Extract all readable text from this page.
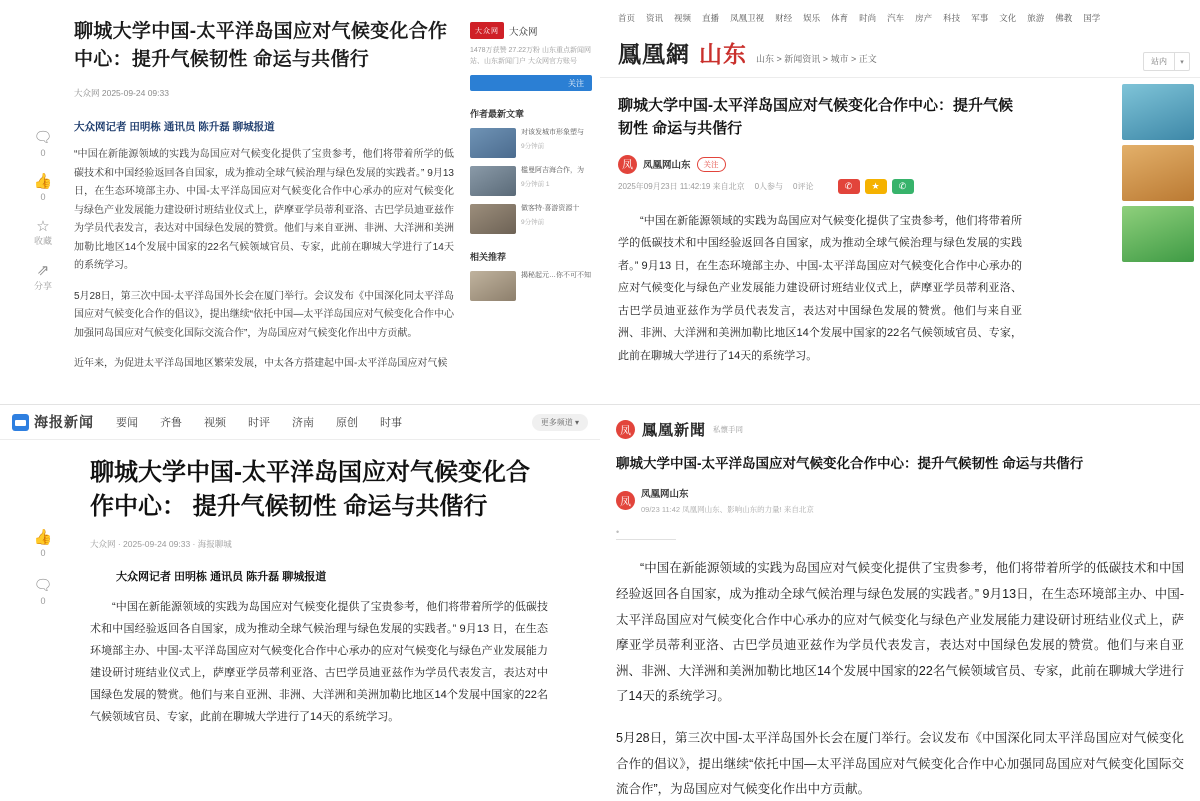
🗨
0
👍
0
☆
收藏
⇗
分享
聊城大学中国-太平洋岛国应对气候变化合作中心：提升气候韧性 命运与共偕行
大众网 2025-09-24 09:33
大众网记者 田明栋 通讯员 陈升磊 聊城报道
“中国在新能源领域的实践为岛国应对气候变化提供了宝贵参考，他们将带着所学的低碳技术和中国经验返回各自国家，成为推动全球气候治理与绿色发展的实践者。” 9月13 日，在生态环境部主办、中国-太平洋岛国应对气候变化合作中心承办的应对气候变化与绿色产业发展能力建设研讨班结业仪式上，萨摩亚学员蒂利亚洛、古巴学员迪亚兹作为学员代表发言，表达对中国绿色发展的赞赏。他们与来自亚洲、非洲、大洋洲和美洲加勒比地区14个发展中国家的22名气候领域官员、专家，此前在聊城大学进行了14天的系统学习。
5月28日，第三次中国-太平洋岛国外长会在厦门举行。会议发布《中国深化同太平洋岛国应对气候变化合作的倡议》，提出继续“依托中国—太平洋岛国应对气候变化合作中心加强同岛国应对气候变化国际交流合作”，为岛国应对气候变化作出中方贡献。
近年来，为促进太平洋岛国地区繁荣发展，中太各方搭建起中国-太平洋岛国应对气候
大众网	大众网
1478万获赞 27.22万粉 山东重点新闻网站、山东新闻门户 大众网官方账号
关注
作者最新文章
对该发城市形象塑与
9分钟前
槛曼阿吉海合作，为
9分钟前 1
做客特·喜游资源十
9分钟前
相关推荐
揭秘起元…你不可不知
海报新闻 要闻 齐鲁 视频 时评 济南 原创 时事	更多频道 ▾
👍
0
🗨
0
聊城大学中国-太平洋岛国应对气候变化合作中心： 提升气候韧性 命运与共偕行
大众网 · 2025-09-24 09:33 · 海报聊城
大众网记者 田明栋 通讯员 陈升磊 聊城报道
“中国在新能源领域的实践为岛国应对气候变化提供了宝贵参考，他们将带着所学的低碳技术和中国经验返回各自国家，成为推动全球气候治理与绿色发展的实践者。” 9月13 日，在生态环境部主办、中国-太平洋岛国应对气候变化合作中心承办的应对气候变化与绿色产业发展能力建设研讨班结业仪式上，萨摩亚学员蒂利亚洛、古巴学员迪亚兹作为学员代表发言，表达对中国绿色发展的赞赏。他们与来自亚洲、非洲、大洋洲和美洲加勒比地区14个发展中国家的22名气候领域官员、专家，此前在聊城大学进行了14天的系统学习。
首页 资讯 视频 直播 凤凰卫视 财经 娱乐 体育 时尚 汽车 房产 科技 军事 文化 旅游 佛教 国学
鳳凰網 山东 山东 > 新闻资讯 > 城市 > 正文	站内	▾
聊城大学中国-太平洋岛国应对气候变化合作中心：提升气候韧性 命运与共偕行
凤	凤凰网山东	关注
2025年09月23日 11:42:19 来自北京 0人参与 0评论	✆	★	✆
“中国在新能源领域的实践为岛国应对气候变化提供了宝贵参考，他们将带着所学的低碳技术和中国经验返回各自国家，成为推动全球气候治理与绿色发展的实践者。” 9月13 日，在生态环境部主办、中国-太平洋岛国应对气候变化合作中心承办的应对气候变化与绿色产业发展能力建设研讨班结业仪式上，萨摩亚学员蒂利亚洛、古巴学员迪亚兹作为学员代表发言，表达对中国绿色发展的赞赏。他们与来自亚洲、非洲、大洋洲和美洲加勒比地区14个发展中国家的22名气候领域官员、专家，此前在聊城大学进行了14天的系统学习。
凤 鳳凰新聞 私懷手同
聊城大学中国-太平洋岛国应对气候变化合作中心：提升气候韧性 命运与共偕行
凤
凤凰网山东
09/23 11:42 凤凰网山东、影响山东的力量! 来自北京
•
“中国在新能源领域的实践为岛国应对气候变化提供了宝贵参考，他们将带着所学的低碳技术和中国经验返回各自国家，成为推动全球气候治理与绿色发展的实践者。” 9月13日，在生态环境部主办、中国-太平洋岛国应对气候变化合作中心承办的应对气候变化与绿色产业发展能力建设研讨班结业仪式上，萨摩亚学员蒂利亚洛、古巴学员迪亚兹作为学员代表发言，表达对中国绿色发展的赞赏。他们与来自亚洲、非洲、大洋洲和美洲加勒比地区14个发展中国家的22名气候领域官员、专家，此前在聊城大学进行了14天的系统学习。
5月28日，第三次中国-太平洋岛国外长会在厦门举行。会议发布《中国深化同太平洋岛国应对气候变化合作的倡议》，提出继续“依托中国—太平洋岛国应对气候变化合作中心加强同岛国应对气候变化国际交流合作”，为岛国应对气候变化作出中方贡献。
